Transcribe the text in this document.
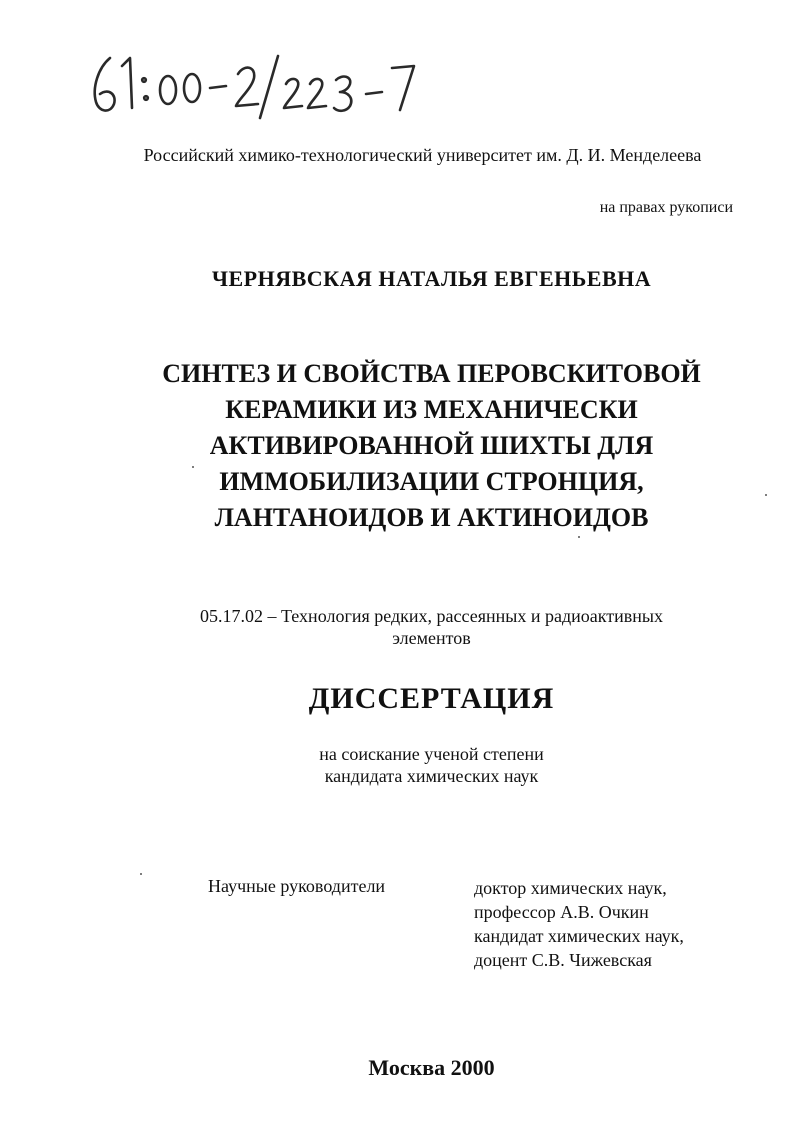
Российский химико-технологический университет им. Д. И. Менделеева
на правах рукописи
ЧЕРНЯВСКАЯ НАТАЛЬЯ ЕВГЕНЬЕВНА
СИНТЕЗ И СВОЙСТВА ПЕРОВСКИТОВОЙ
КЕРАМИКИ ИЗ МЕХАНИЧЕСКИ
АКТИВИРОВАННОЙ ШИХТЫ ДЛЯ
ИММОБИЛИЗАЦИИ СТРОНЦИЯ,
ЛАНТАНОИДОВ И АКТИНОИДОВ
05.17.02 – Технология редких, рассеянных и радиоактивных
элементов
ДИССЕРТАЦИЯ
на соискание ученой степени
кандидата химических наук
Научные руководители	доктор химических наук,
профессор А.В. Очкин
кандидат химических наук,
доцент С.В. Чижевская
Москва 2000
